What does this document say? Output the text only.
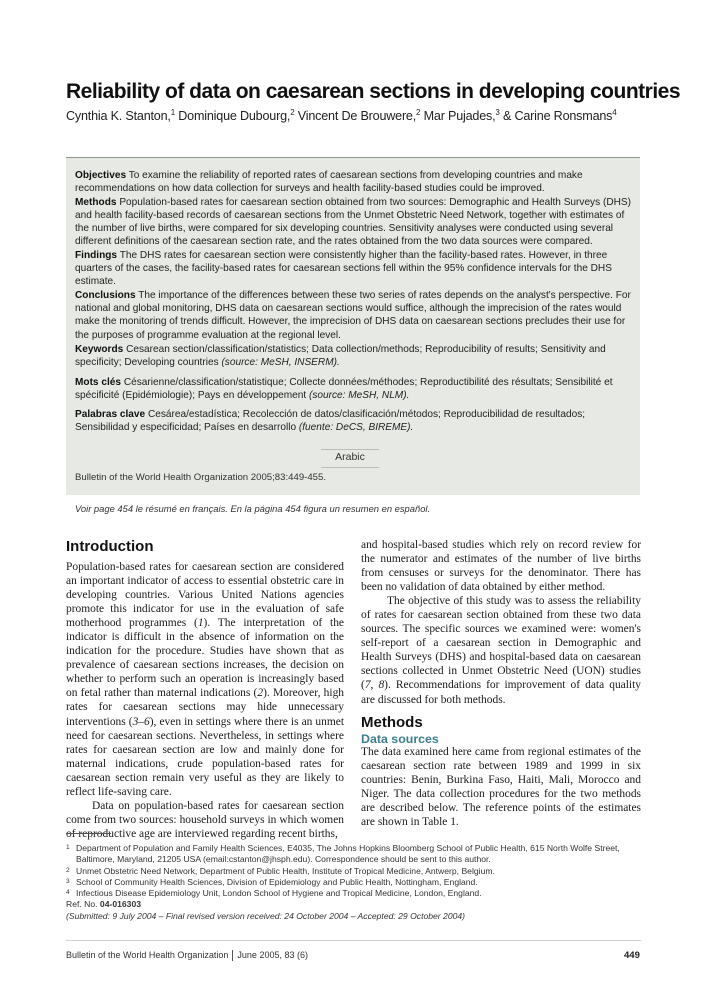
Reliability of data on caesarean sections in developing countries
Cynthia K. Stanton,$^1$ Dominique Dubourg,$^2$ Vincent De Brouwere,$^2$ Mar Pujades,$^3$ & Carine Ronsmans$^4$

Objectives To examine the reliability of reported rates of caesarean sections from developing countries and make recommendations on how data collection for surveys and health facility-based studies could be improved.

Methods Population-based rates for caesarean section obtained from two sources: Demographic and Health Surveys (DHS) and health facility-based records of caesarean sections from the Unmet Obstetric Need Network, together with estimates of the number of live births, were compared for six developing countries. Sensitivity analyses were conducted using several different definitions of the caesarean section rate, and the rates obtained from the two data sources were compared.

Findings The DHS rates for caesarean section were consistently higher than the facility-based rates. However, in three quarters of the cases, the facility-based rates for caesarean sections fell within the 95% confidence intervals for the DHS estimate.

Conclusions The importance of the differences between these two series of rates depends on the analyst's perspective. For national and global monitoring, DHS data on caesarean sections would suffice, although the imprecision of the rates would make the monitoring of trends difficult. However, the imprecision of DHS data on caesarean sections precludes their use for the purposes of programme evaluation at the regional level.

Keywords Cesarean section/classification/statistics; Data collection/methods; Reproducibility of results; Sensitivity and specificity; Developing countries (source: MeSH, INSERM).

Mots clés Césarienne/classification/statistique; Collecte données/méthodes; Reproductibilité des résultats; Sensibilité et spécificité (Epidémiologie); Pays en développement (source: MeSH, NLM).

Palabras clave Cesárea/estadística; Recolección de datos/clasificación/métodos; Reproducibilidad de resultados; Sensibilidad y especificidad; Países en desarrollo (fuente: DeCS, BIREME).

Arabic
Bulletin of the World Health Organization 2005;83:449-455.
Voir page 454 le résumé en français. En la página 454 figura un resumen en español.
Introduction

Population-based rates for caesarean section are considered an important indicator of access to essential obstetric care in developing countries. Various United Nations agencies promote this indicator for use in the evaluation of safe motherhood programmes (1). The interpretation of the indicator is difficult in the absence of information on the indication for the procedure. Studies have shown that as prevalence of caesarean sections increases, the decision on whether to perform such an operation is increasingly based on fetal rather than maternal indications (2). Moreover, high rates for caesarean sections may hide unnecessary interventions (3–6), even in settings where there is an unmet need for caesarean sections. Nevertheless, in settings where rates for caesarean section are low and mainly done for maternal indications, crude population-based rates for caesarean section remain very useful as they are likely to reflect life-saving care.

Data on population-based rates for caesarean section come from two sources: household surveys in which women of reproductive age are interviewed regarding recent births,

and hospital-based studies which rely on record review for the numerator and estimates of the number of live births from censuses or surveys for the denominator. There has been no validation of data obtained by either method.

The objective of this study was to assess the reliability of rates for caesarean section obtained from these two data sources. The specific sources we examined were: women's self-report of a caesarean section in Demographic and Health Surveys (DHS) and hospital-based data on caesarean sections collected in Unmet Obstetric Need (UON) studies (7, 8). Recommendations for improvement of data quality are discussed for both methods.

Methods
Data sources

The data examined here came from regional estimates of the caesarean section rate between 1989 and 1999 in six countries: Benin, Burkina Faso, Haiti, Mali, Morocco and Niger. The data collection procedures for the two methods are described below. The reference points of the estimates are shown in Table 1.

1 Department of Population and Family Health Sciences, E4035, The Johns Hopkins Bloomberg School of Public Health, 615 North Wolfe Street, Baltimore, Maryland, 21205 USA (email:cstanton@jhsph.edu). Correspondence should be sent to this author.
2 Unmet Obstetric Need Network, Department of Public Health, Institute of Tropical Medicine, Antwerp, Belgium.
3 School of Community Health Sciences, Division of Epidemiology and Public Health, Nottingham, England.
4 Infectious Disease Epidemiology Unit, London School of Hygiene and Tropical Medicine, London, England.

Ref. No. 04-016303

(Submitted: 9 July 2004 – Final revised version received: 24 October 2004 – Accepted: 29 October 2004)

Bulletin of the World Health Organization June 2005, 83 (6)	449
